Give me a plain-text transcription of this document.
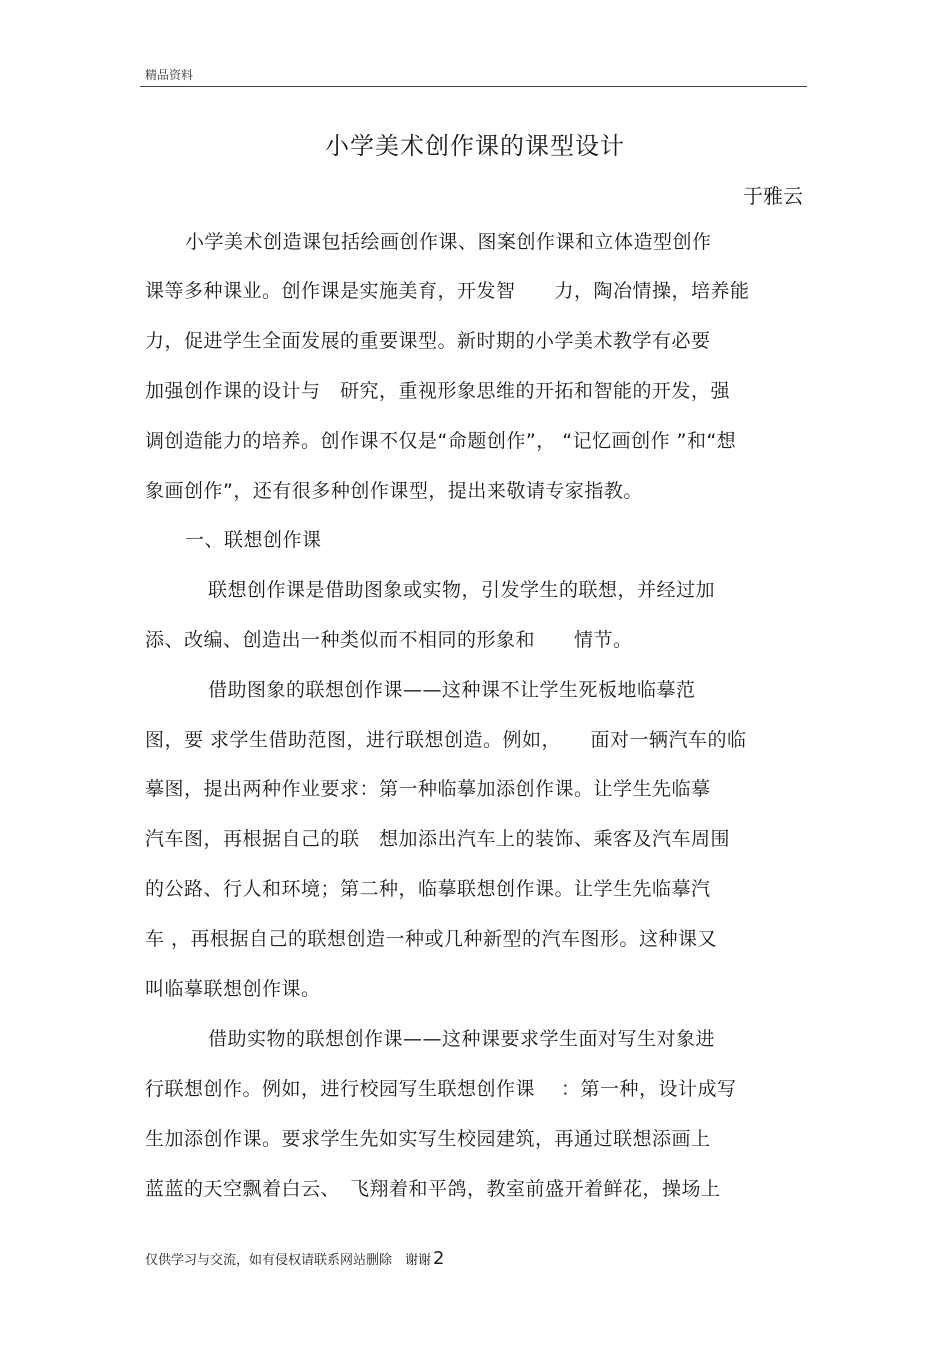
精品资料
小学美术创作课的课型设计
于雅云
小学美术创造课包括绘画创作课、图案创作课和立体造型创作
课等多种课业。创作课是实施美育，开发智　　力，陶冶情操，培养能
力，促进学生全面发展的重要课型。新时期的小学美术教学有必要
加强创作课的设计与　研究，重视形象思维的开拓和智能的开发，强
调创造能力的培养。创作课不仅是“命题创作”， “记忆画创作 ”和“想
象画创作”，还有很多种创作课型，提出来敬请专家指教。
一、联想创作课
联想创作课是借助图象或实物，引发学生的联想，并经过加
添、改编、创造出一种类似而不相同的形象和　　情节。
借助图象的联想创作课——这种课不让学生死板地临摹范
图，要 求学生借助范图，进行联想创造。例如，　　面对一辆汽车的临
摹图，提出两种作业要求：第一种临摹加添创作课。让学生先临摹
汽车图，再根据自己的联　想加添出汽车上的装饰、乘客及汽车周围
的公路、行人和环境；第二种，临摹联想创作课。让学生先临摹汽
车 ，再根据自己的联想创造一种或几种新型的汽车图形。这种课又
叫临摹联想创作课。
借助实物的联想创作课——这种课要求学生面对写生对象进
行联想创作。例如，进行校园写生联想创作课　 ：第一种，设计成写
生加添创作课。要求学生先如实写生校园建筑，再通过联想添画上
蓝蓝的天空飘着白云、　飞翔着和平鸽，教室前盛开着鲜花，操场上
仅供学习与交流，如有侵权请联系网站删除　谢谢 2
